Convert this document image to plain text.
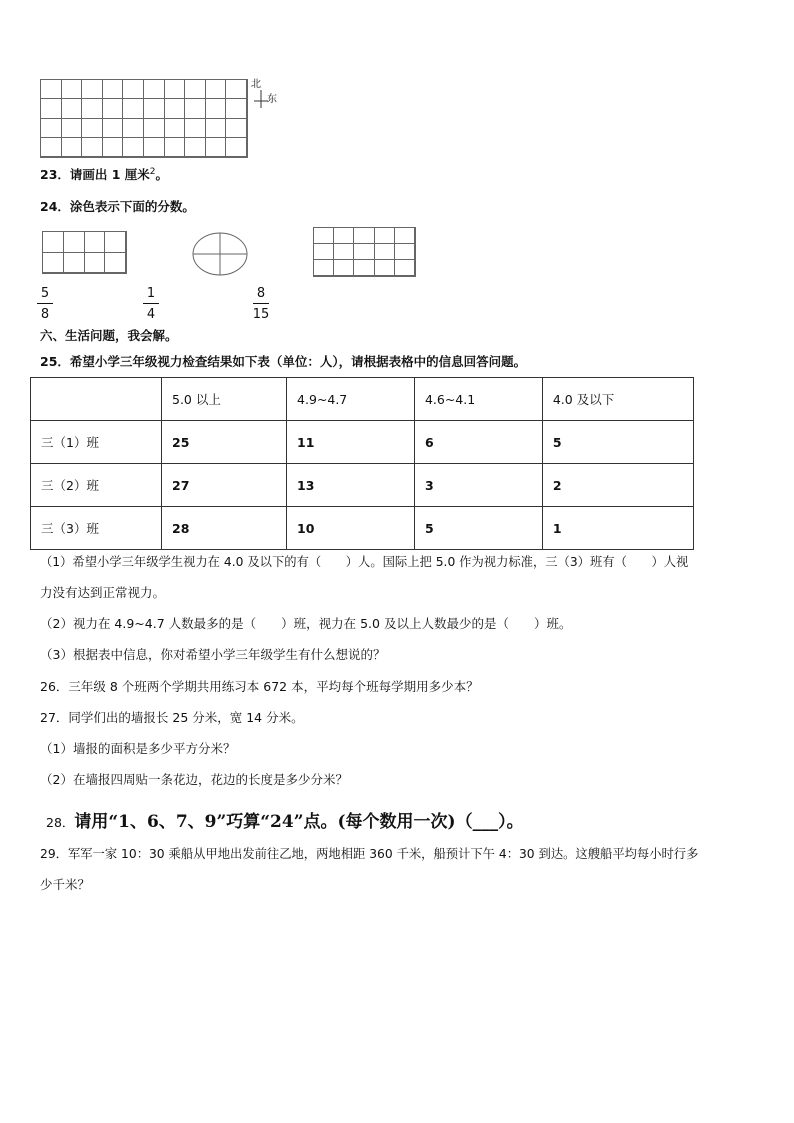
北
东
23．请画出 1 厘米$^2$。
24．涂色表示下面的分数。
5
8
1
4
8
15
六、生活问题，我会解。
25．希望小学三年级视力检查结果如下表（单位：人），请根据表格中的信息回答问题。
	5.0 以上	4.9~4.7	4.6~4.1	4.0 及以下
三（1）班	25	11	6	5
三（2）班	27	13	3	2
三（3）班	28	10	5	1
（1）希望小学三年级学生视力在 4.0 及以下的有（　　）人。国际上把 5.0 作为视力标准，三（3）班有（　　）人视
力没有达到正常视力。
（2）视力在 4.9~4.7 人数最多的是（　　）班，视力在 5.0 及以上人数最少的是（　　）班。
（3）根据表中信息，你对希望小学三年级学生有什么想说的？
26．三年级 8 个班两个学期共用练习本 672 本，平均每个班每学期用多少本？
27．同学们出的墙报长 25 分米，宽 14 分米。
（1）墙报的面积是多少平方分米？
（2）在墙报四周贴一条花边，花边的长度是多少分米？
28．请用“1、6、7、9”巧算“24”点。(每个数用一次)（___）。
29．军军一家 10：30 乘船从甲地出发前往乙地，两地相距 360 千米，船预计下午 4：30 到达。这艘船平均每小时行多
少千米？
